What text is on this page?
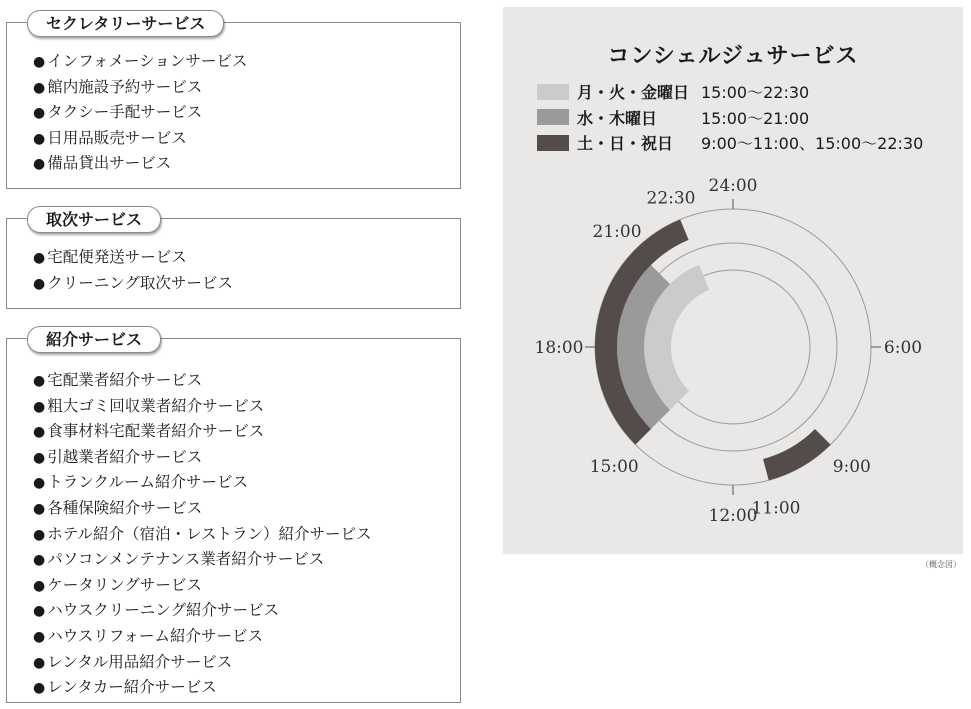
セクレタリーサービス
● インフォメーションサービス
● 館内施設予約サービス
● タクシー手配サービス
● 日用品販売サービス
● 備品貸出サービス
取次サービス
● 宅配便発送サービス
● クリーニング取次サービス
紹介サービス
● 宅配業者紹介サービス
● 粗大ゴミ回収業者紹介サービス
● 食事材料宅配業者紹介サービス
● 引越業者紹介サービス
● トランクルーム紹介サービス
● 各種保険紹介サービス
● ホテル紹介（宿泊・レストラン）紹介サービス
● パソコンメンテナンス業者紹介サービス
● ケータリングサービス
● ハウスクリーニング紹介サービス
● ハウスリフォーム紹介サービス
● レンタル用品紹介サービス
● レンタカー紹介サービス
コンシェルジュサービス
月・火・金曜日 15:00～22:30
水・木曜日	15:00～21:00
土・日・祝日	9:00～11:00、15:00～22:30
24:00
6:00
12:00
18:00
22:30
21:00
15:00	9:00
11:00
（概念図）
